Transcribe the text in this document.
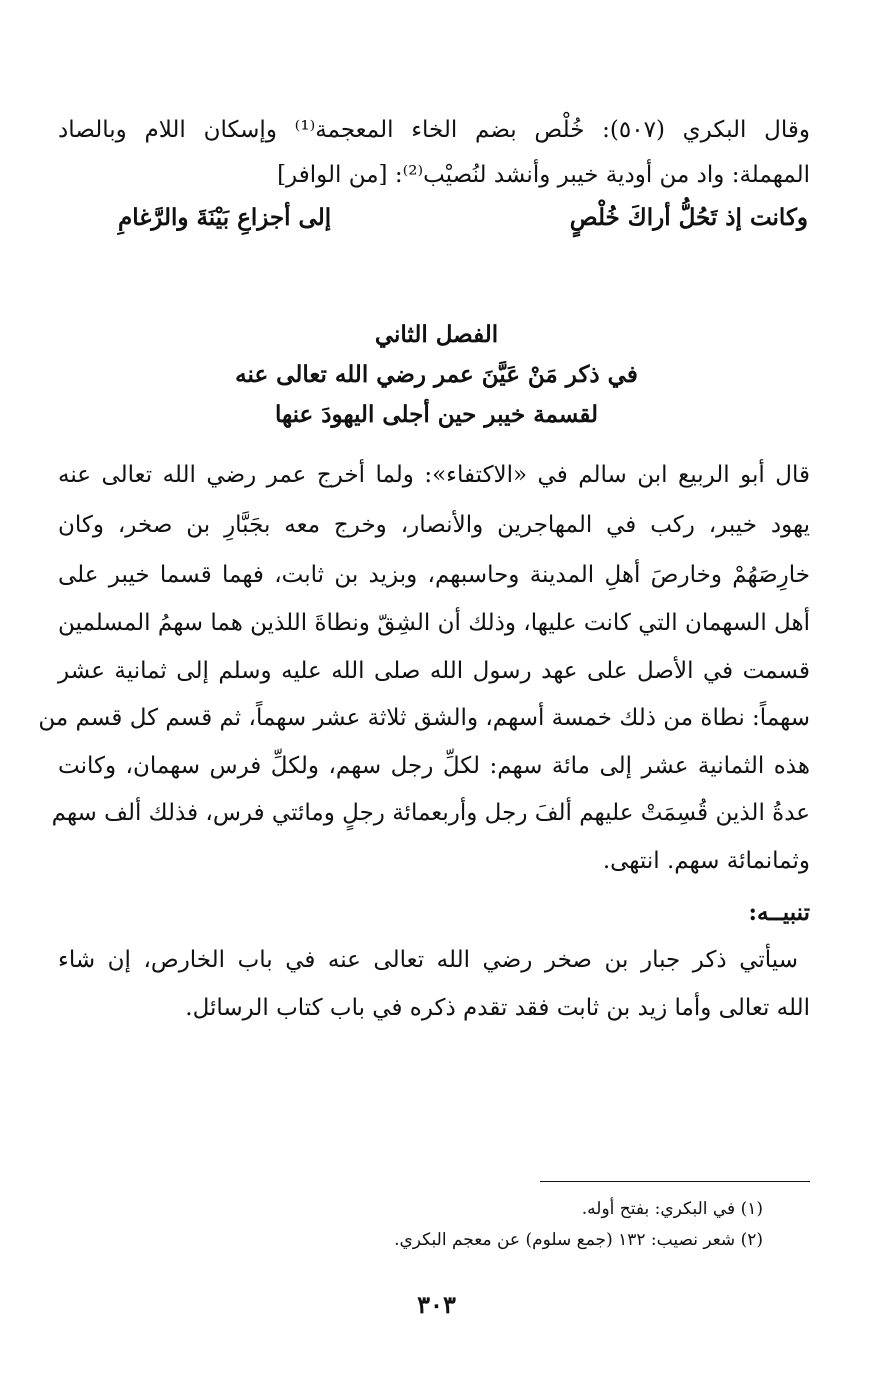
وقال البكري (٥٠٧): خُلْص بضم الخاء المعجمة⁽¹⁾ وإسكان اللام وبالصاد
المهملة: واد من أودية خيبر وأنشد لنُصيْب⁽²⁾: [من الوافر]
وكانت إذ تَحُلُّ أراكَ خُلْصٍ
إلى أجزاعِ بَيْنَةَ والرَّغامِ
الفصل الثاني
في ذكر مَنْ عَيَّنَ عمر رضي الله تعالى عنه
لقسمة خيبر حين أجلى اليهودَ عنها
قال أبو الربيع ابن سالم في «الاكتفاء»: ولما أخرج عمر رضي الله تعالى عنه
يهود خيبر، ركب في المهاجرين والأنصار، وخرج معه بجَبَّارِ بن صخر، وكان
خارِصَهُمْ وخارصَ أهلِ المدينة وحاسبهم، وبزيد بن ثابت، فهما قسما خيبر على
أهل السهمان التي كانت عليها، وذلك أن الشِقّ ونطاةَ اللذين هما سهمُ المسلمين
قسمت في الأصل على عهد رسول الله صلى الله عليه وسلم إلى ثمانية عشر
سهماً: نطاة من ذلك خمسة أسهم، والشق ثلاثة عشر سهماً، ثم قسم كل قسم من
هذه الثمانية عشر إلى مائة سهم: لكلِّ رجل سهم، ولكلِّ فرس سهمان، وكانت
عدةُ الذين قُسِمَتْ عليهم ألفَ رجل وأربعمائة رجلٍ ومائتي فرس، فذلك ألف سهم
وثمانمائة سهم. انتهى.
تنبيــه:
سيأتي ذكر جبار بن صخر رضي الله تعالى عنه في باب الخارص، إن شاء
الله تعالى وأما زيد بن ثابت فقد تقدم ذكره في باب كتاب الرسائل.
(١) في البكري: بفتح أوله.
(٢) شعر نصيب: ١٣٢ (جمع سلوم) عن معجم البكري.
٣٠٣
